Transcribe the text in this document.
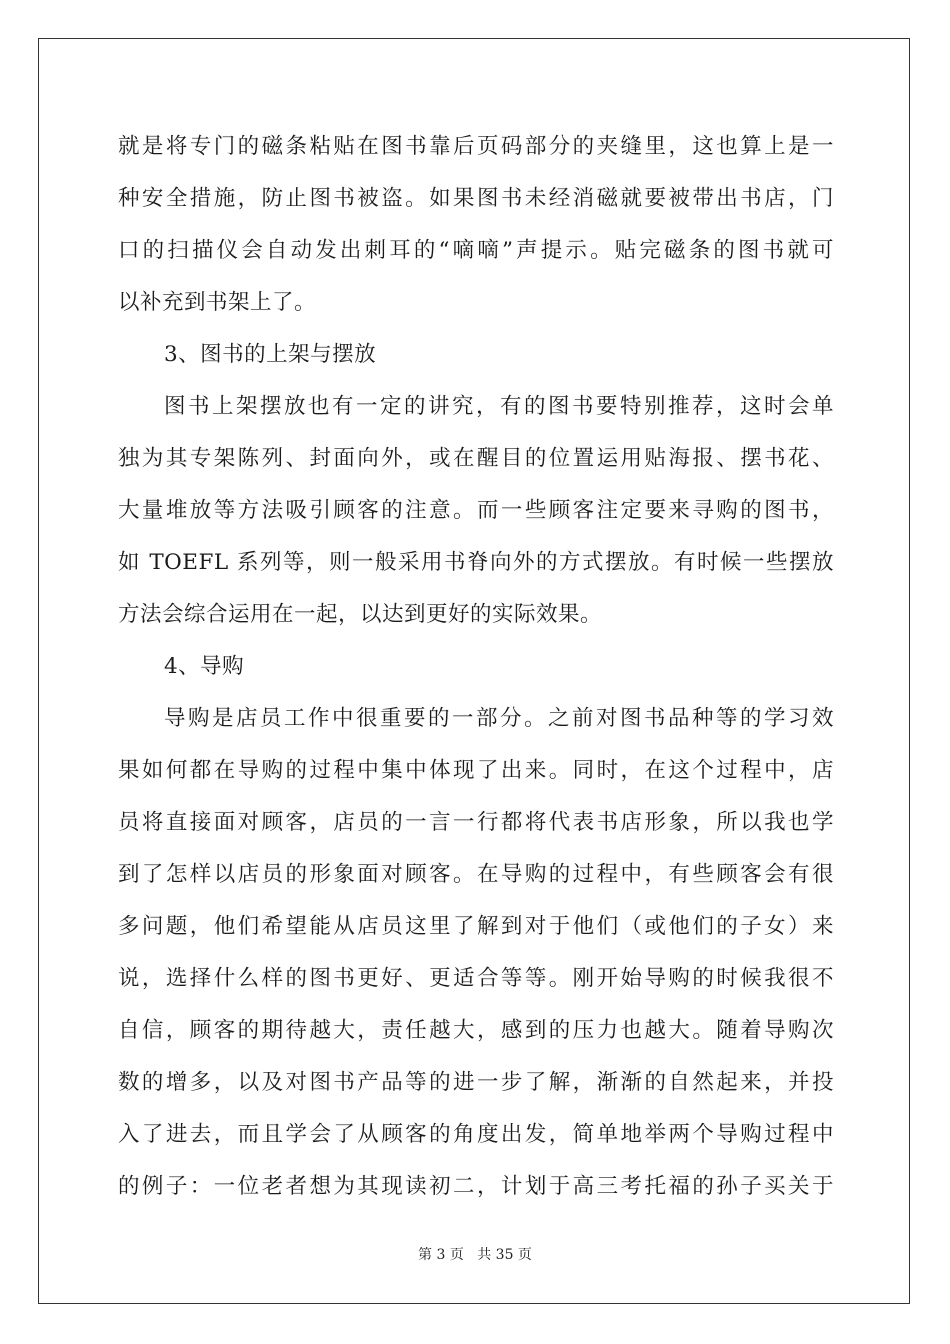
就是将专门的磁条粘贴在图书靠后页码部分的夹缝里，这也算上是一
种安全措施，防止图书被盗。如果图书未经消磁就要被带出书店，门
口的扫描仪会自动发出刺耳的“嘀嘀”声提示。贴完磁条的图书就可
以补充到书架上了。
3、图书的上架与摆放
图书上架摆放也有一定的讲究，有的图书要特别推荐，这时会单
独为其专架陈列、封面向外，或在醒目的位置运用贴海报、摆书花、
大量堆放等方法吸引顾客的注意。而一些顾客注定要来寻购的图书，
如 TOEFL 系列等，则一般采用书脊向外的方式摆放。有时候一些摆放
方法会综合运用在一起，以达到更好的实际效果。
4、导购
导购是店员工作中很重要的一部分。之前对图书品种等的学习效
果如何都在导购的过程中集中体现了出来。同时，在这个过程中，店
员将直接面对顾客，店员的一言一行都将代表书店形象，所以我也学
到了怎样以店员的形象面对顾客。在导购的过程中，有些顾客会有很
多问题，他们希望能从店员这里了解到对于他们（或他们的子女）来
说，选择什么样的图书更好、更适合等等。刚开始导购的时候我很不
自信，顾客的期待越大，责任越大，感到的压力也越大。随着导购次
数的增多，以及对图书产品等的进一步了解，渐渐的自然起来，并投
入了进去，而且学会了从顾客的角度出发，简单地举两个导购过程中
的例子：一位老者想为其现读初二，计划于高三考托福的孙子买关于
第 3 页 共 35 页
